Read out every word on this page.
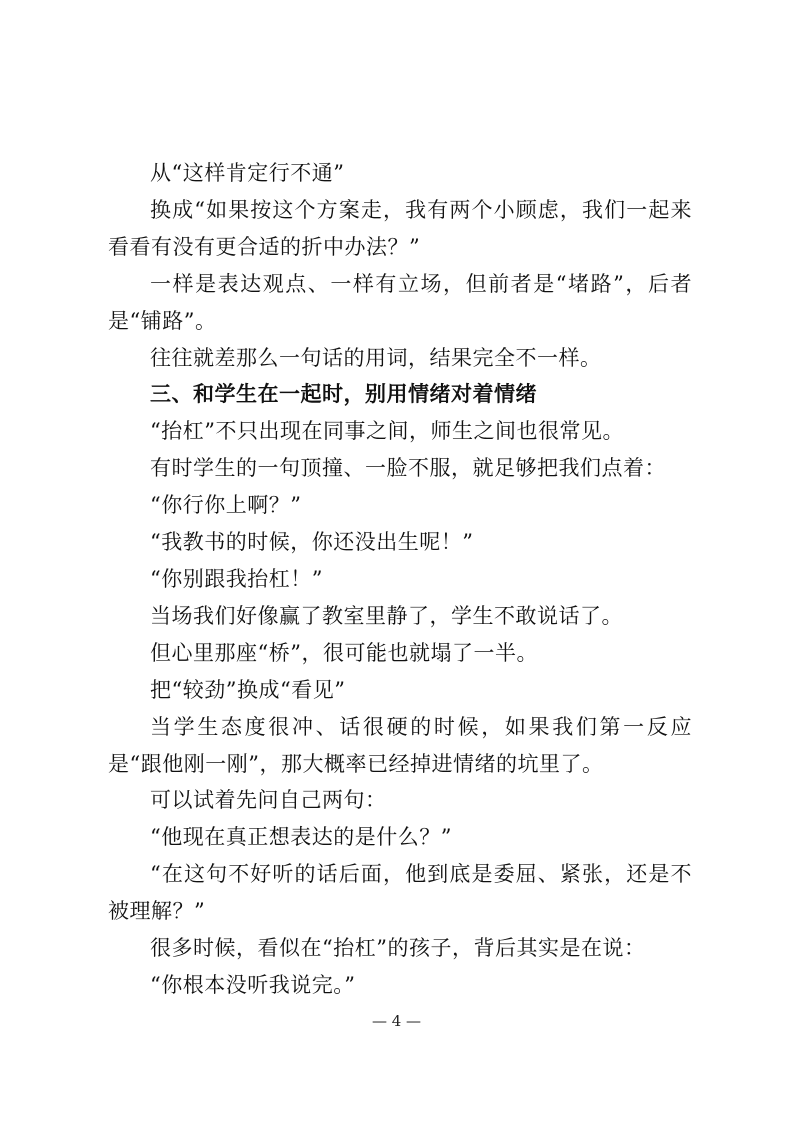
从“这样肯定行不通”

换成“如果按这个方案走，我有两个小顾虑，我们一起来看看有没有更合适的折中办法？”

一样是表达观点、一样有立场，但前者是“堵路”，后者是“铺路”。

往往就差那么一句话的用词，结果完全不一样。

三、和学生在一起时，别用情绪对着情绪

“抬杠”不只出现在同事之间，师生之间也很常见。

有时学生的一句顶撞、一脸不服，就足够把我们点着：

“你行你上啊？”

“我教书的时候，你还没出生呢！”

“你别跟我抬杠！”

当场我们好像赢了教室里静了，学生不敢说话了。

但心里那座“桥”，很可能也就塌了一半。

把“较劲”换成“看见”

当学生态度很冲、话很硬的时候，如果我们第一反应是“跟他刚一刚”，那大概率已经掉进情绪的坑里了。

可以试着先问自己两句：

“他现在真正想表达的是什么？”

“在这句不好听的话后面，他到底是委屈、紧张，还是不被理解？”

很多时候，看似在“抬杠”的孩子，背后其实是在说：

“你根本没听我说完。”

— 4 —
